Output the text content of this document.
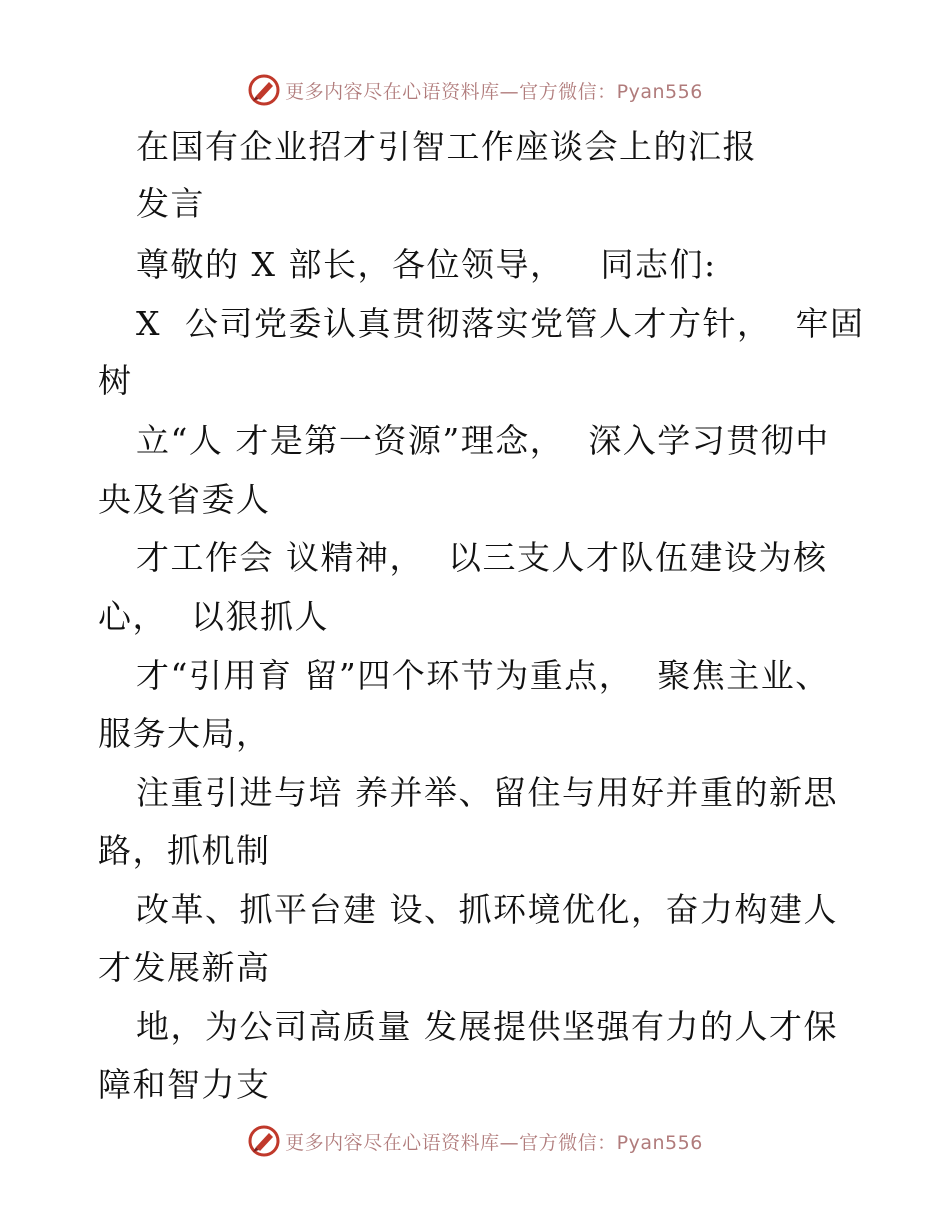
更多内容尽在心语资料库—官方微信：Pyan556
在国有企业招才引智工作座谈会上的汇报
发言
尊敬的 X 部长，各位领导，   同志们:
X  公司党委认真贯彻落实党管人才方针，  牢固
树
立“人 才是第一资源”理念，  深入学习贯彻中
央及省委人
才工作会 议精神，  以三支人才队伍建设为核
心，  以狠抓人
才“引用育 留”四个环节为重点，  聚焦主业、
服务大局，
注重引进与培 养并举、留住与用好并重的新思
路，抓机制
改革、抓平台建 设、抓环境优化，奋力构建人
才发展新高
地，为公司高质量 发展提供坚强有力的人才保
障和智力支
更多内容尽在心语资料库—官方微信：Pyan556
